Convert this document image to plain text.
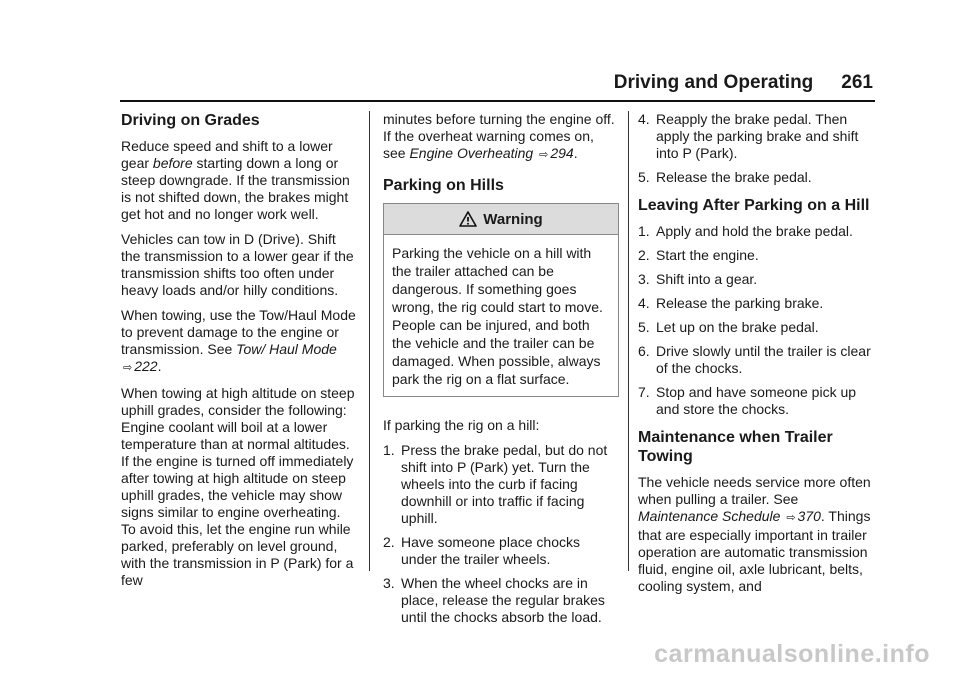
Driving and Operating 261
Driving on Grades

Reduce speed and shift to a lower gear before starting down a long or steep downgrade. If the transmission is not shifted down, the brakes might get hot and no longer work well.

Vehicles can tow in D (Drive). Shift the transmission to a lower gear if the transmission shifts too often under heavy loads and/or hilly conditions.

When towing, use the Tow/Haul Mode to prevent damage to the engine or transmission. See Tow/ Haul Mode ⇨ 222.

When towing at high altitude on steep uphill grades, consider the following: Engine coolant will boil at a lower temperature than at normal altitudes. If the engine is turned off immediately after towing at high altitude on steep uphill grades, the vehicle may show signs similar to engine overheating. To avoid this, let the engine run while parked, preferably on level ground, with the transmission in P (Park) for a few

minutes before turning the engine off. If the overheat warning comes on, see Engine Overheating ⇨ 294.

Parking on Hills
Warning
Parking the vehicle on a hill with the trailer attached can be dangerous. If something goes wrong, the rig could start to move. People can be injured, and both the vehicle and the trailer can be damaged. When possible, always park the rig on a flat surface.

If parking the rig on a hill:

1. Press the brake pedal, but do not shift into P (Park) yet. Turn the wheels into the curb if facing downhill or into traffic if facing uphill.
2. Have someone place chocks under the trailer wheels.
3. When the wheel chocks are in place, release the regular brakes until the chocks absorb the load.
4. Reapply the brake pedal. Then apply the parking brake and shift into P (Park).
5. Release the brake pedal.
Leaving After Parking on a Hill
1. Apply and hold the brake pedal.
2. Start the engine.
3. Shift into a gear.
4. Release the parking brake.
5. Let up on the brake pedal.
6. Drive slowly until the trailer is clear of the chocks.
7. Stop and have someone pick up and store the chocks.
Maintenance when Trailer Towing

The vehicle needs service more often when pulling a trailer. See Maintenance Schedule ⇨ 370. Things that are especially important in trailer operation are automatic transmission fluid, engine oil, axle lubricant, belts, cooling system, and

carmanualsonline.info
